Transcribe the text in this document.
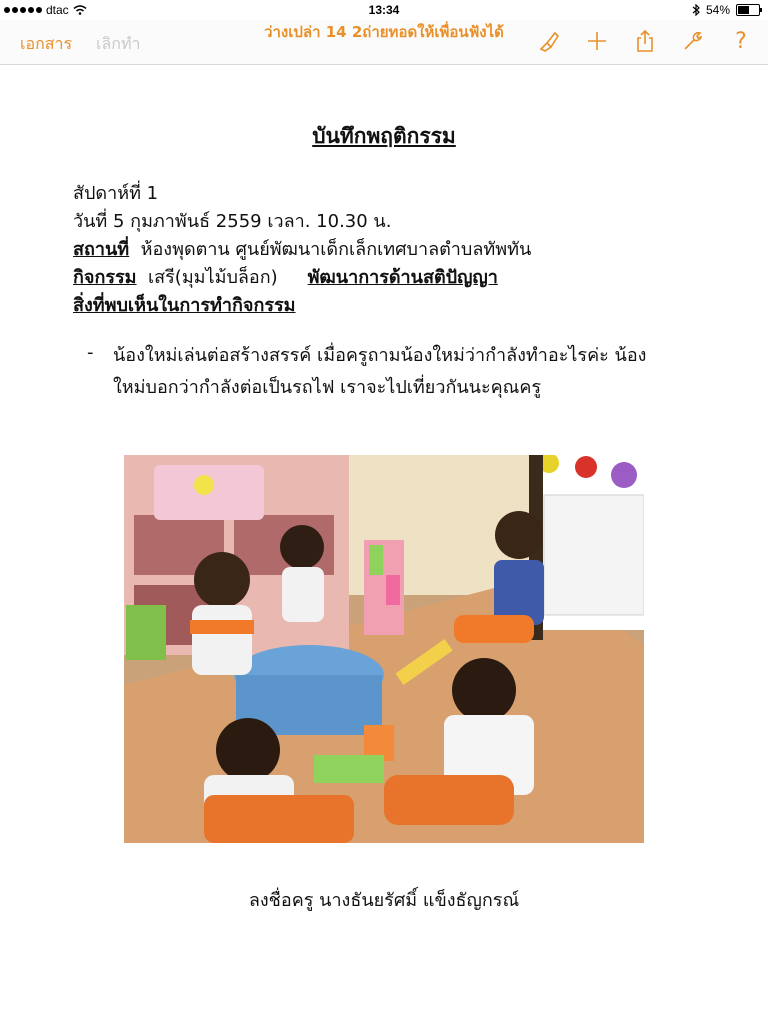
dtac	13:34	54%
เอกสาร เลิกทำ
ว่างเปล่า 14 2ถ่ายทอดให้เพื่อนฟังได้	?
บันทึกพฤติกรรม
สัปดาห์ที่ 1
วันที่ 5 กุมภาพันธ์ 2559 เวลา. 10.30 น.
สถานที่  ห้องพุดตาน ศูนย์พัฒนาเด็กเล็กเทศบาลตำบลทัพทัน
กิจกรรม  เสรี(มุมไม้บล็อก) พัฒนาการด้านสติปัญญา
สิ่งที่พบเห็นในการทำกิจกรรม
- น้องใหม่เล่นต่อสร้างสรรค์ เมื่อครูถามน้องใหม่ว่ากำลังทำอะไรค่ะ น้อง
ใหม่บอกว่ากำลังต่อเป็นรถไฟ เราจะไปเที่ยวกันนะคุณครู
ลงชื่อครู นางธันยรัศมิ์ แข็งธัญกรณ์
